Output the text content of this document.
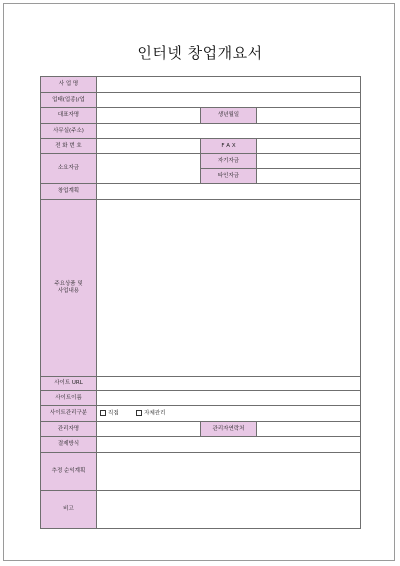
인터넷 창업개요서
사 업 명			
업태(업종)/업			
대표자명		생년월일	
사무실(주소)			
전 화 번 호		F A X	
소요자금		자기자금	
		타인자금	
창업계획			
주요상품 및
사업내용			
사이트 URL			
사이트이름			
사이트관리구분	직접 자체관리		
관리자명		관리자연락처	
결제방식			
추정 순익계획			
비고			
